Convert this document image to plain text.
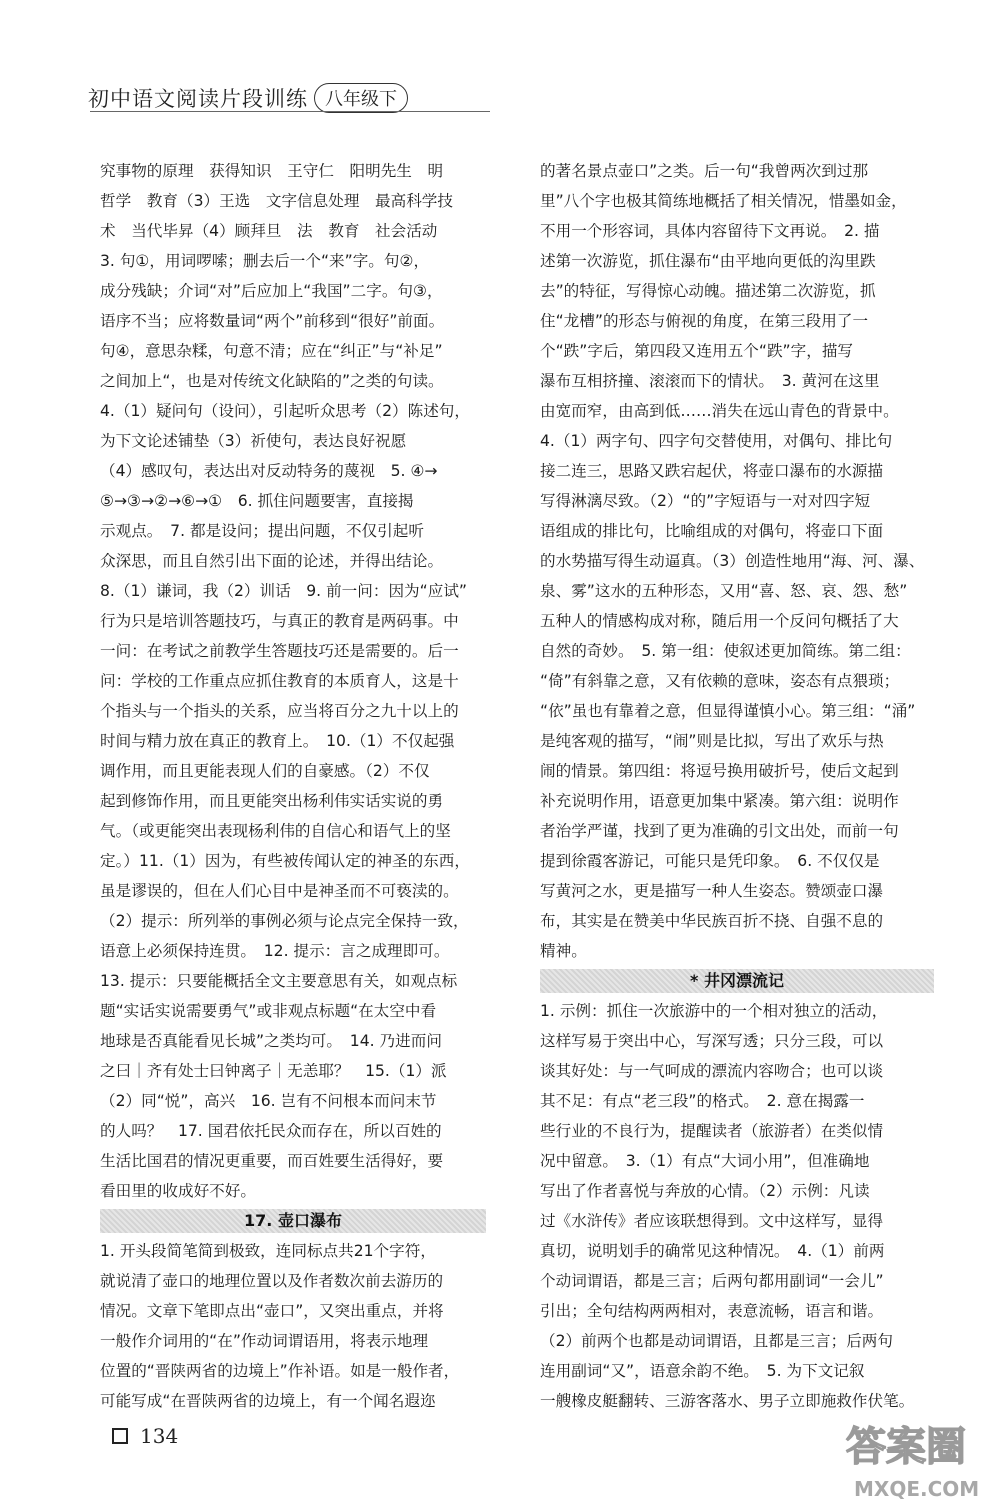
初中语文阅读片段训练 八年级下
究事物的原理　获得知识　王守仁　阳明先生　明
哲学　教育（3）王选　文字信息处理　最高科学技
术　当代毕昇（4）顾拜旦　法　教育　社会活动
3. 句①，用词啰嗦；删去后一个“来”字。句②，
成分残缺；介词“对”后应加上“我国”二字。句③，
语序不当；应将数量词“两个”前移到“很好”前面。
句④，意思杂糅，句意不清；应在“纠正”与“补足”
之间加上“，也是对传统文化缺陷的”之类的句读。
4.（1）疑问句（设问），引起听众思考（2）陈述句，
为下文论述铺垫（3）祈使句，表达良好祝愿
（4）感叹句，表达出对反动特务的蔑视　5. ④→
⑤→③→②→⑥→①　6. 抓住问题要害，直接揭
示观点。　7. 都是设问；提出问题，不仅引起听
众深思，而且自然引出下面的论述，并得出结论。
8.（1）谦词，我（2）训话　9. 前一问：因为“应试”
行为只是培训答题技巧，与真正的教育是两码事。中
一问：在考试之前教学生答题技巧还是需要的。后一
问：学校的工作重点应抓住教育的本质育人，这是十
个指头与一个指头的关系，应当将百分之九十以上的
时间与精力放在真正的教育上。　10.（1）不仅起强
调作用，而且更能表现人们的自豪感。（2）不仅
起到修饰作用，而且更能突出杨利伟实话实说的勇
气。（或更能突出表现杨利伟的自信心和语气上的坚
定。）11.（1）因为，有些被传闻认定的神圣的东西，
虽是谬误的，但在人们心目中是神圣而不可亵渎的。
（2）提示：所列举的事例必须与论点完全保持一致，
语意上必须保持连贯。　12. 提示：言之成理即可。
13. 提示：只要能概括全文主要意思有关，如观点标
题“实话实说需要勇气”或非观点标题“在太空中看
地球是否真能看见长城”之类均可。　14. 乃进而问
之曰｜齐有处士曰钟离子｜无恙耶？　15.（1）派
（2）同“悦”，高兴　16. 岂有不问根本而问末节
的人吗？　17. 国君依托民众而存在，所以百姓的
生活比国君的情况更重要，而百姓要生活得好，要
看田里的收成好不好。
17. 壶口瀑布
1. 开头段简笔简到极致，连同标点共21个字符，
就说清了壶口的地理位置以及作者数次前去游历的
情况。文章下笔即点出“壶口”，又突出重点，并将
一般作介词用的“在”作动词谓语用，将表示地理
位置的“晋陕两省的边境上”作补语。如是一般作者，
可能写成“在晋陕两省的边境上，有一个闻名遐迩
的著名景点壶口”之类。后一句“我曾两次到过那
里”八个字也极其简练地概括了相关情况，惜墨如金，
不用一个形容词，具体内容留待下文再说。　2. 描
述第一次游览，抓住瀑布“由平地向更低的沟里跌
去”的特征，写得惊心动魄。描述第二次游览，抓
住“龙槽”的形态与俯视的角度，在第三段用了一
个“跌”字后，第四段又连用五个“跌”字，描写
瀑布互相挤撞、滚滚而下的情状。　3. 黄河在这里
由宽而窄，由高到低……消失在远山青色的背景中。
4.（1）两字句、四字句交替使用，对偶句、排比句
接二连三，思路又跌宕起伏，将壶口瀑布的水源描
写得淋漓尽致。（2）“的”字短语与一对对四字短
语组成的排比句，比喻组成的对偶句，将壶口下面
的水势描写得生动逼真。（3）创造性地用“海、河、瀑、
泉、雾”这水的五种形态，又用“喜、怒、哀、怨、愁”
五种人的情感构成对称，随后用一个反问句概括了大
自然的奇妙。　5. 第一组：使叙述更加简练。第二组：
“倚”有斜靠之意，又有依赖的意味，姿态有点猥琐；
“依”虽也有靠着之意，但显得谨慎小心。第三组：“涌”
是纯客观的描写，“闹”则是比拟，写出了欢乐与热
闹的情景。第四组：将逗号换用破折号，使后文起到
补充说明作用，语意更加集中紧凑。第六组：说明作
者治学严谨，找到了更为准确的引文出处，而前一句
提到徐霞客游记，可能只是凭印象。　6. 不仅仅是
写黄河之水，更是描写一种人生姿态。赞颂壶口瀑
布，其实是在赞美中华民族百折不挠、自强不息的
精神。
* 井冈漂流记
1. 示例：抓住一次旅游中的一个相对独立的活动，
这样写易于突出中心，写深写透；只分三段，可以
谈其好处：与一气呵成的漂流内容吻合；也可以谈
其不足：有点“老三段”的格式。　2. 意在揭露一
些行业的不良行为，提醒读者（旅游者）在类似情
况中留意。　3.（1）有点“大词小用”，但准确地
写出了作者喜悦与奔放的心情。（2）示例：凡读
过《水浒传》者应该联想得到。文中这样写，显得
真切，说明划手的确常见这种情况。　4.（1）前两
个动词谓语，都是三言；后两句都用副词“一会儿”
引出；全句结构两两相对，表意流畅，语言和谐。
（2）前两个也都是动词谓语，且都是三言；后两句
连用副词“又”，语意余韵不绝。　5. 为下文记叙
一艘橡皮艇翻转、三游客落水、男子立即施救作伏笔。
134	答案圈
MXQE.COM
